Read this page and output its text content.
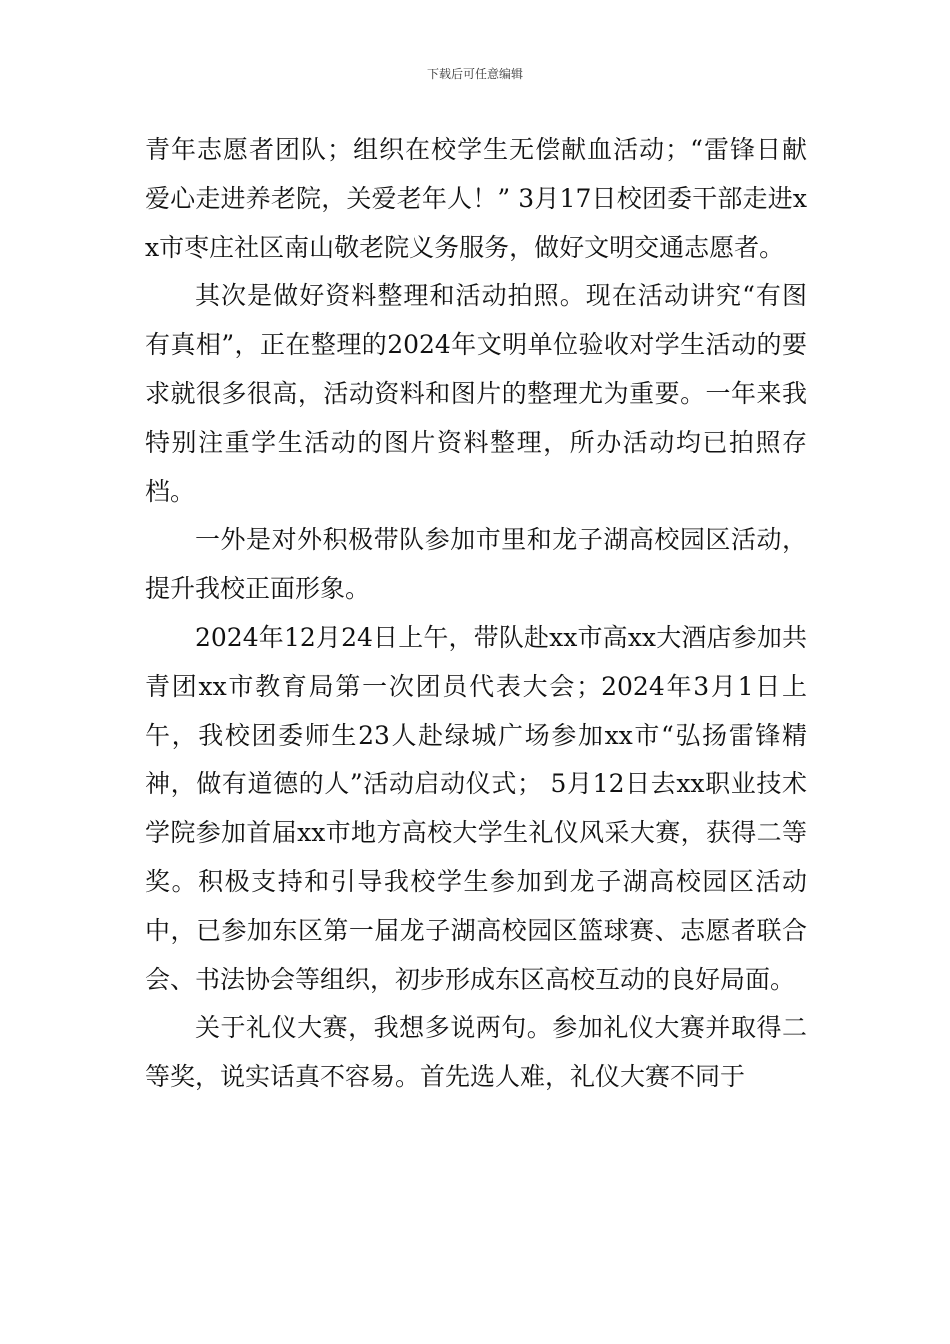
下载后可任意编辑

青年志愿者团队；组织在校学生无偿献血活动；“雷锋日献爱心走进养老院，关爱老年人！” 3月17日校团委干部走进xx市枣庄社区南山敬老院义务服务，做好文明交通志愿者。

其次是做好资料整理和活动拍照。现在活动讲究“有图有真相”，正在整理的2024年文明单位验收对学生活动的要求就很多很高，活动资料和图片的整理尤为重要。一年来我特别注重学生活动的图片资料整理，所办活动均已拍照存档。

一外是对外积极带队参加市里和龙子湖高校园区活动，提升我校正面形象。

2024年12月24日上午，带队赴xx市高xx大酒店参加共青团xx市教育局第一次团员代表大会；2024年3月1日上午，我校团委师生23人赴绿城广场参加xx市“弘扬雷锋精神，做有道德的人”活动启动仪式； 5月12日去xx职业技术学院参加首届xx市地方高校大学生礼仪风采大赛，获得二等奖。积极支持和引导我校学生参加到龙子湖高校园区活动中，已参加东区第一届龙子湖高校园区篮球赛、志愿者联合会、书法协会等组织，初步形成东区高校互动的良好局面。

关于礼仪大赛，我想多说两句。参加礼仪大赛并取得二等奖，说实话真不容易。首先选人难，礼仪大赛不同于
